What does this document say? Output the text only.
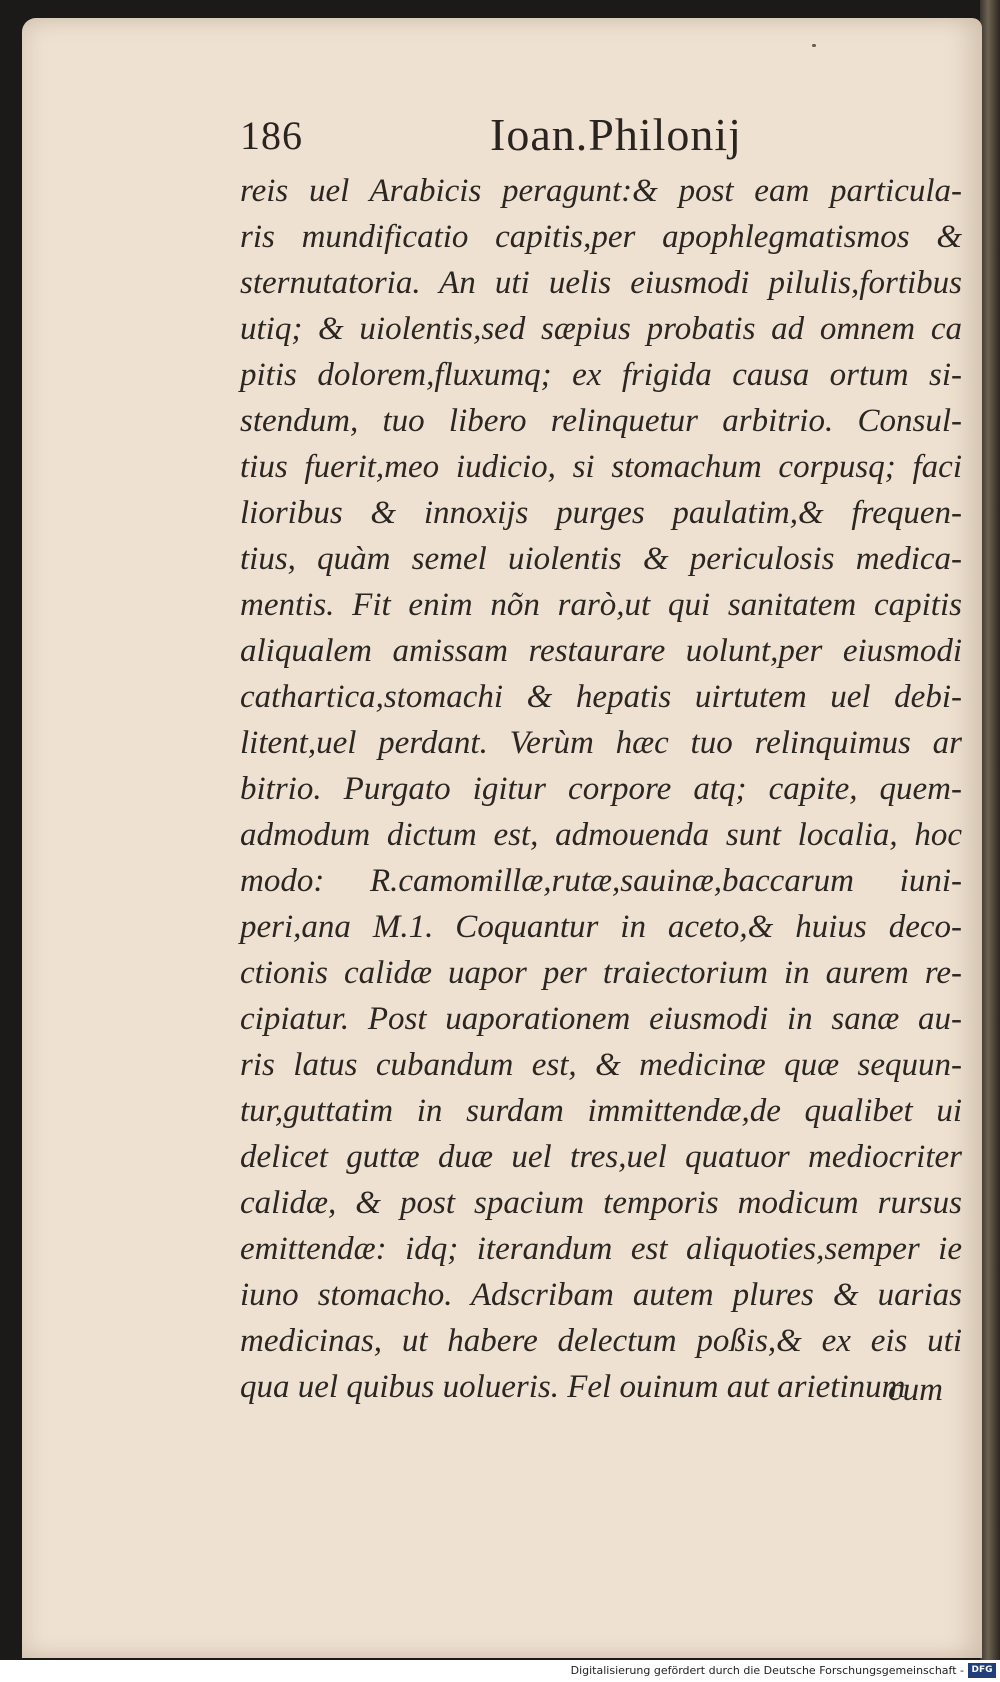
186	Ioan.Philonij
reis uel Arabicis peragunt:& post eam particula-
ris mundificatio capitis,per apophlegmatismos &
sternutatoria. An uti uelis eiusmodi pilulis,fortibus
utiq; & uiolentis,sed sæpius probatis ad omnem ca
pitis dolorem,fluxumq; ex frigida causa ortum si-
stendum, tuo libero relinquetur arbitrio. Consul-
tius fuerit,meo iudicio, si stomachum corpusq; faci
lioribus & innoxijs purges paulatim,& frequen-
tius, quàm semel uiolentis & periculosis medica-
mentis. Fit enim nõn rarò,ut qui sanitatem capitis
aliqualem amissam restaurare uolunt,per eiusmodi
cathartica,stomachi & hepatis uirtutem uel debi-
litent,uel perdant. Verùm hæc tuo relinquimus ar
bitrio. Purgato igitur corpore atq; capite, quem-
admodum dictum est, admouenda sunt localia, hoc
modo: R.camomillæ,rutæ,sauinæ,baccarum iuni-
peri,ana M.1. Coquantur in aceto,& huius deco-
ctionis calidæ uapor per traiectorium in aurem re-
cipiatur. Post uaporationem eiusmodi in sanæ au-
ris latus cubandum est, & medicinæ quæ sequun-
tur,guttatim in surdam immittendæ,de qualibet ui
delicet guttæ duæ uel tres,uel quatuor mediocriter
calidæ, & post spacium temporis modicum rursus
emittendæ: idq; iterandum est aliquoties,semper ie
iuno stomacho. Adscribam autem plures & uarias
medicinas, ut habere delectum poßis,& ex eis uti
qua uel quibus uolueris. Fel ouinum aut arietinum
cum
Digitalisierung gefördert durch die Deutsche Forschungsgemeinschaft - DFG
